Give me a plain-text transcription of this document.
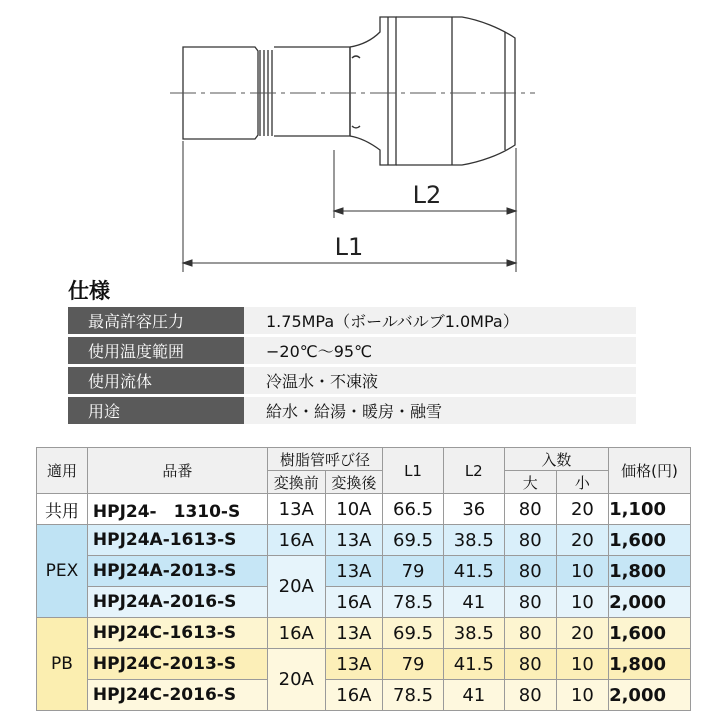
L2
L1
仕様
最高許容圧力	1.75MPa（ボールバルブ1.0MPa）
使用温度範囲	−20℃〜95℃
使用流体	冷温水・不凍液
用途	給水・給湯・暖房・融雪
適用	品番	樹脂管呼び径		L1	L2	入数		価格(円)
		変換前	変換後			大	小	
共用	HPJ24-　1310-S	13A	10A	66.5	36	80	20	1,100
PEX	HPJ24A-1613-S	16A	13A	69.5	38.5	80	20	1,600
	HPJ24A-2013-S	20A	13A	79	41.5	80	10	1,800
	HPJ24A-2016-S		16A	78.5	41	80	10	2,000
PB	HPJ24C-1613-S	16A	13A	69.5	38.5	80	20	1,600
	HPJ24C-2013-S	20A	13A	79	41.5	80	10	1,800
	HPJ24C-2016-S		16A	78.5	41	80	10	2,000
